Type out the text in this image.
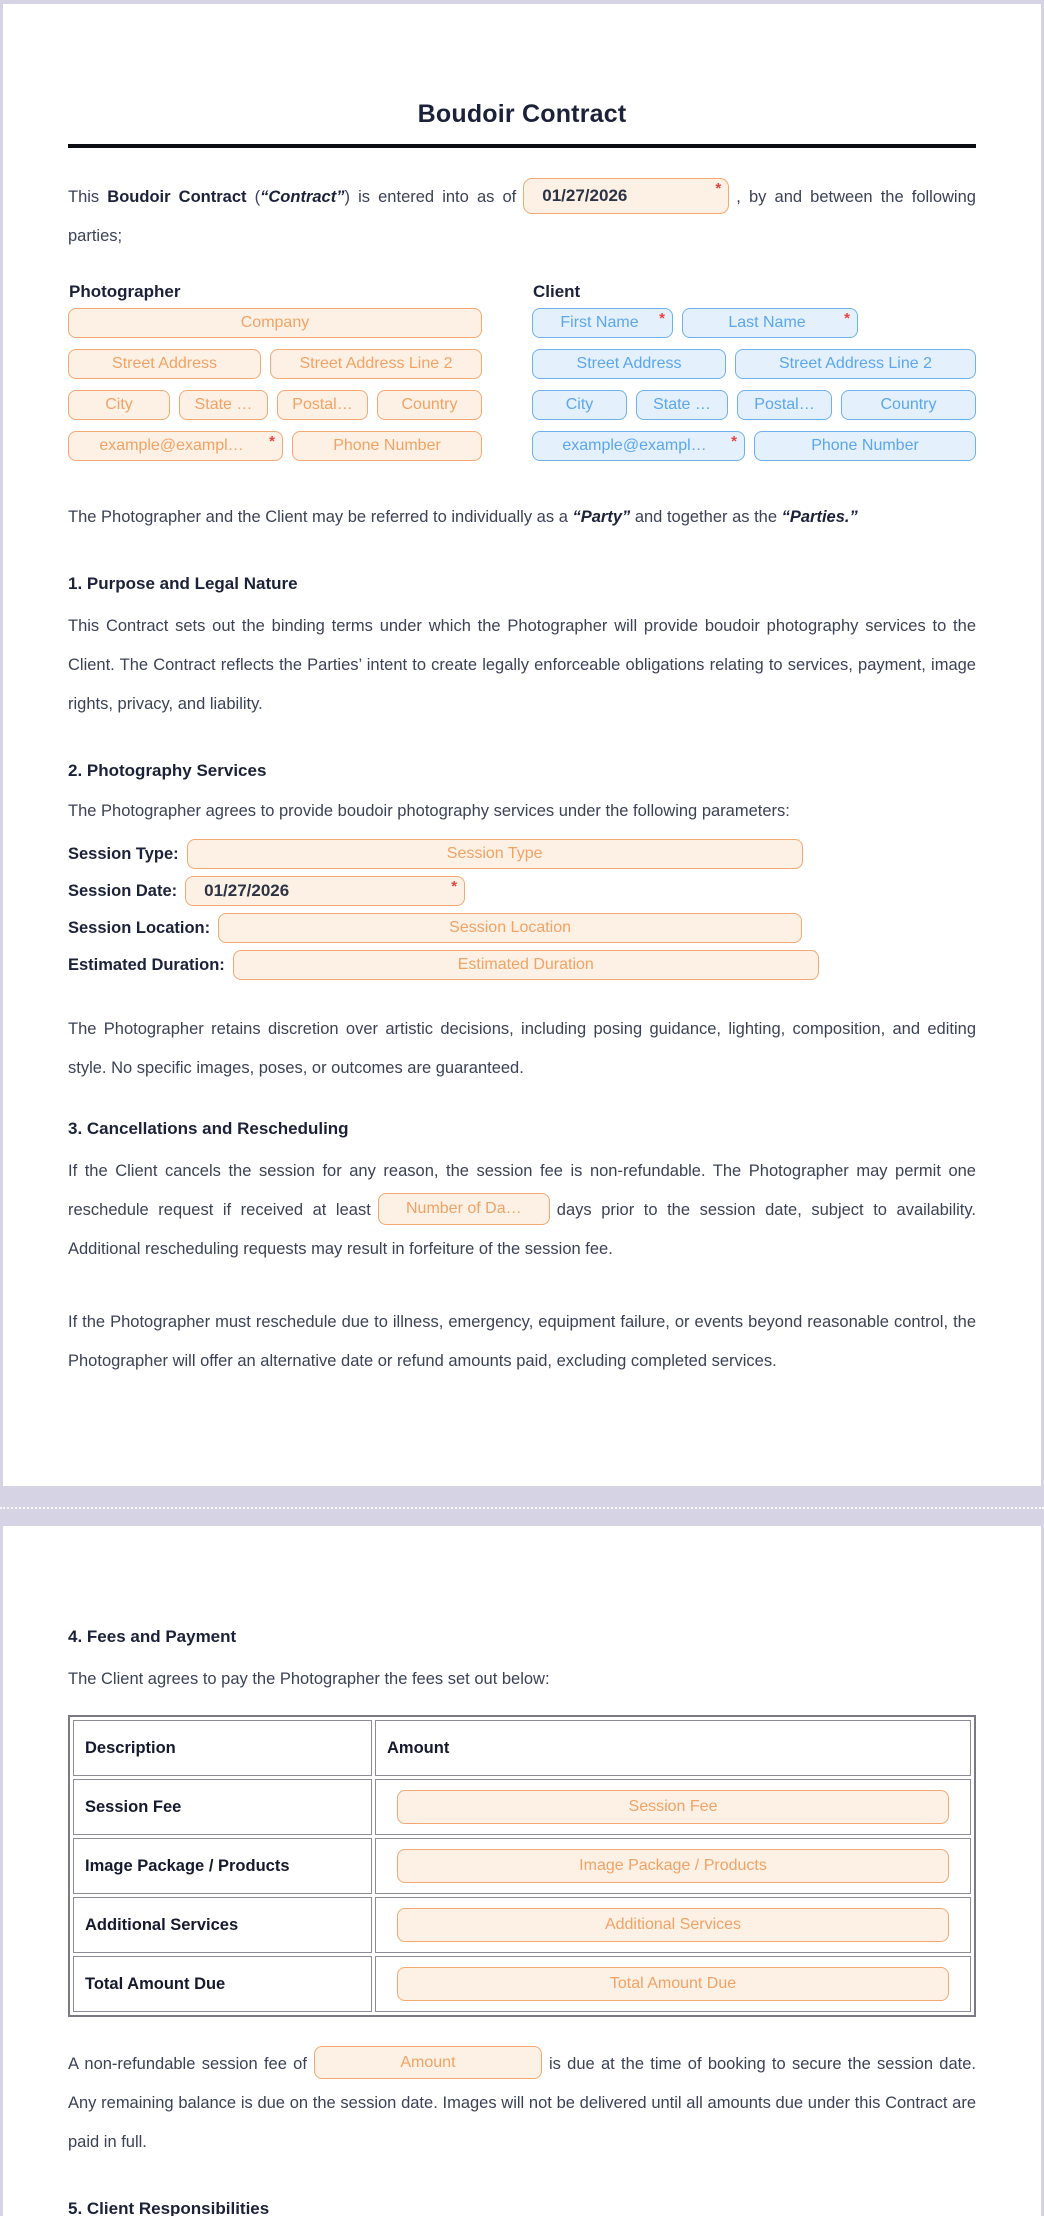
Boudoir Contract

This Boudoir Contract (“Contract”) is entered into as of 01/27/2026	* , by and between the following parties;

Photographer
Company
Street Address	Street Address Line 2
City	State …	Postal…	Country
example@exampl…	*	Phone Number
Client
First Name	*	Last Name	*
Street Address	Street Address Line 2
City	State …	Postal…	Country
example@exampl…	*	Phone Number

The Photographer and the Client may be referred to individually as a “Party” and together as the “Parties.”

1. Purpose and Legal Nature

This Contract sets out the binding terms under which the Photographer will provide boudoir photography services to the Client. The Contract reflects the Parties’ intent to create legally enforceable obligations relating to services, payment, image rights, privacy, and liability.

2. Photography Services

The Photographer agrees to provide boudoir photography services under the following parameters:

Session Type:	Session Type
Session Date: 01/27/2026	*
Session Location:	Session Location
Estimated Duration:	Estimated Duration

The Photographer retains discretion over artistic decisions, including posing guidance, lighting, composition, and editing style. No specific images, poses, or outcomes are guaranteed.

3. Cancellations and Rescheduling

If the Client cancels the session for any reason, the session fee is non-refundable. The Photographer may permit one reschedule request if received at least	Number of Da…	days prior to the session date, subject to availability. Additional rescheduling requests may result in forfeiture of the session fee.

If the Photographer must reschedule due to illness, emergency, equipment failure, or events beyond reasonable control, the Photographer will offer an alternative date or refund amounts paid, excluding completed services.

4. Fees and Payment

The Client agrees to pay the Photographer the fees set out below:

Description	Amount
Session Fee	Session Fee

Image Package / Products	Image Package / Products

Additional Services	Additional Services

Total Amount Due	Total Amount Due

A non-refundable session fee of	Amount	is due at the time of booking to secure the session date. Any remaining balance is due on the session date. Images will not be delivered until all amounts due under this Contract are paid in full.

5. Client Responsibilities
